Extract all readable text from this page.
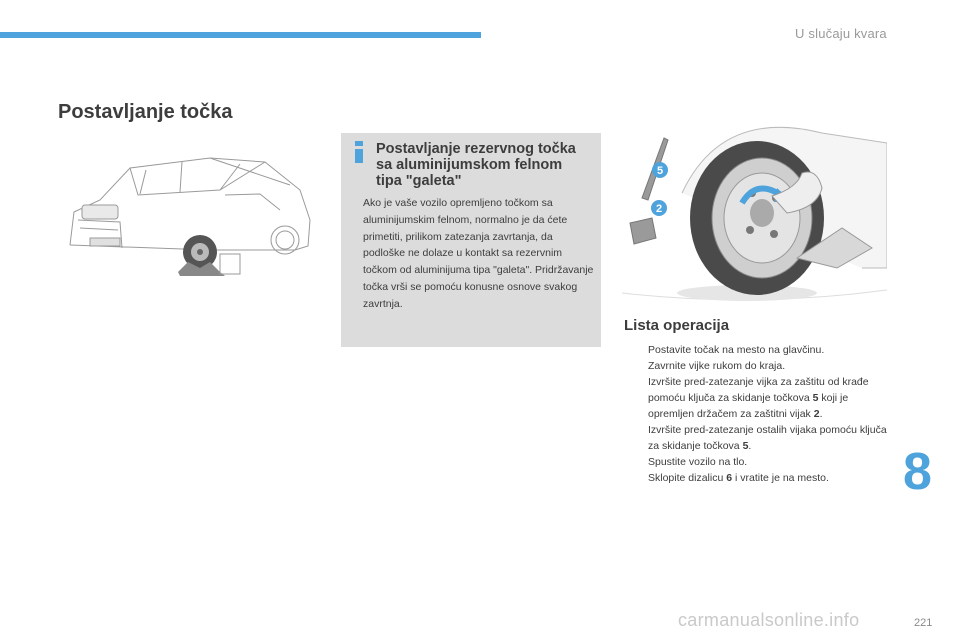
U slučaju kvara
Postavljanje točka
Postavljanje rezervnog točka sa aluminijumskom felnom tipa "galeta"
Ako je vaše vozilo opremljeno točkom sa aluminijumskim felnom, normalno je da ćete primetiti, prilikom zatezanja zavrtanja, da podloške ne dolaze u kontakt sa rezervnim točkom od aluminijuma tipa "galeta". Pridržavanje točka vrši se pomoću konusne osnove svakog zavrtnja.
5
2
Lista operacija
Postavite točak na mesto na glavčinu.
Zavrnite vijke rukom do kraja.
Izvršite pred-zatezanje vijka za zaštitu od krađe pomoću ključa za skidanje točkova 5 koji je opremljen držačem za zaštitni vijak 2.
Izvršite pred-zatezanje ostalih vijaka pomoću ključa za skidanje točkova 5.
Spustite vozilo na tlo.
Sklopite dizalicu 6 i vratite je na mesto.	8
carmanualsonline.info	221
